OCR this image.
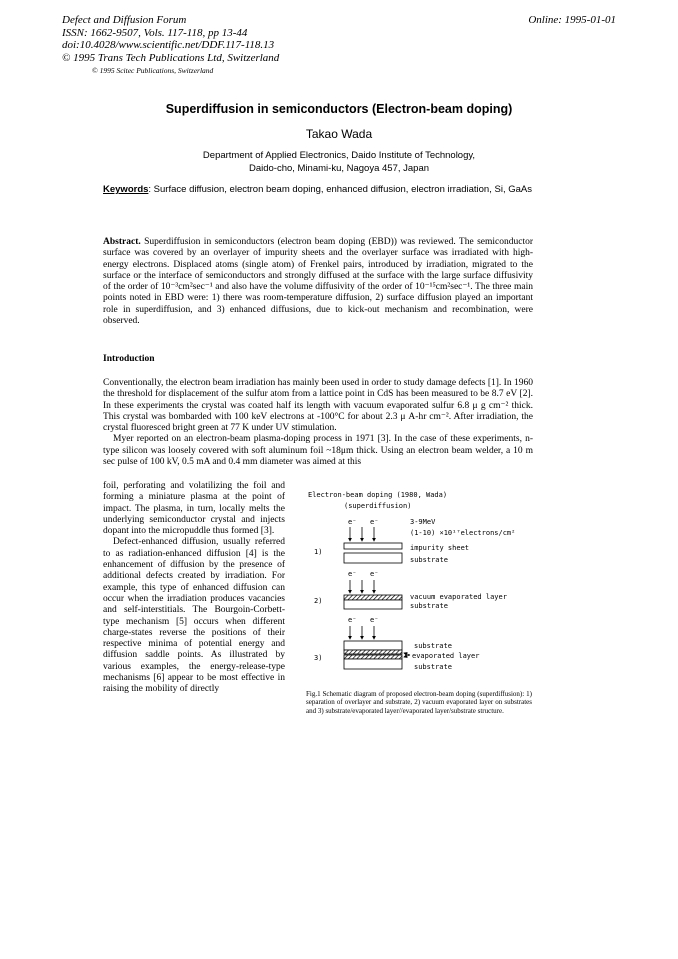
Defect and Diffusion Forum
ISSN: 1662-9507, Vols. 117-118, pp 13-44
doi:10.4028/www.scientific.net/DDF.117-118.13
© 1995 Trans Tech Publications Ltd, Switzerland
Online: 1995-01-01
© 1995 Scitec Publications, Switzerland
Superdiffusion in semiconductors (Electron-beam doping)
Takao Wada
Department of Applied Electronics, Daido Institute of Technology,
Daido-cho, Minami-ku, Nagoya 457, Japan
Keywords: Surface diffusion, electron beam doping, enhanced diffusion, electron irradiation, Si, GaAs
Abstract. Superdiffusion in semiconductors (electron beam doping (EBD)) was reviewed. The semiconductor surface was covered by an overlayer of impurity sheets and the overlayer surface was irradiated with high-energy electrons. Displaced atoms (single atom) of Frenkel pairs, introduced by irradiation, migrated to the surface or the interface of semiconductors and strongly diffused at the surface with the large surface diffusivity of the order of 10⁻³cm²sec⁻¹ and also have the volume diffusivity of the order of 10⁻¹⁵cm²sec⁻¹. The three main points noted in EBD were: 1) there was room-temperature diffusion, 2) surface diffusion played an important role in superdiffusion, and 3) enhanced diffusions, due to kick-out mechanism and recombination, were observed.
Introduction

Conventionally, the electron beam irradiation has mainly been used in order to study damage defects [1]. In 1960 the threshold for displacement of the sulfur atom from a lattice point in CdS has been measured to be 8.7 eV [2]. In these experiments the crystal was coated half its length with vacuum evaporated sulfur 6.8 μ g cm⁻² thick. This crystal was bombarded with 100 keV electrons at -100°C for about 2.3 μ A-hr cm⁻². After irradiation, the crystal fluoresced bright green at 77 K under UV stimulation.

Myer reported on an electron-beam plasma-doping process in 1971 [3]. In the case of these experiments, n-type silicon was loosely covered with soft aluminum foil ~18μm thick. Using an electron beam welder, a 10 m sec pulse of 100 kV, 0.5 mA and 0.4 mm diameter was aimed at this

foil, perforating and volatilizing the foil and forming a miniature plasma at the point of impact. The plasma, in turn, locally melts the underlying semiconductor crystal and injects dopant into the micropuddle thus formed [3].

Defect-enhanced diffusion, usually referred to as radiation-enhanced diffusion [4] is the enhancement of diffusion by the presence of additional defects created by irradiation. For example, this type of enhanced diffusion can occur when the irradiation produces vacancies and self-interstitials. The Bourgoin-Corbett-type mechanism [5] occurs when different charge-states reverse the positions of their respective minima of potential energy and diffusion saddle points. As illustrated by various examples, the energy-release-type mechanisms [6] appear to be most effective in raising the mobility of directly

Electron-beam doping (1980, Wada)
(superdiffusion)
e⁻ e⁻	3-9MeV
(1-10) ×10¹⁷electrons/cm²
1)	impurity sheet
substrate
e⁻ e⁻
2)	vacuum evaporated layer
substrate
e⁻ e⁻
3)
substrate
evaporated layer
substrate
Fig.1 Schematic diagram of proposed electron-beam doping (superdiffusion): 1) separation of overlayer and substrate, 2) vacuum evaporated layer on substrates and 3) substrate/evaporated layer//evaporated layer/substrate structure.
